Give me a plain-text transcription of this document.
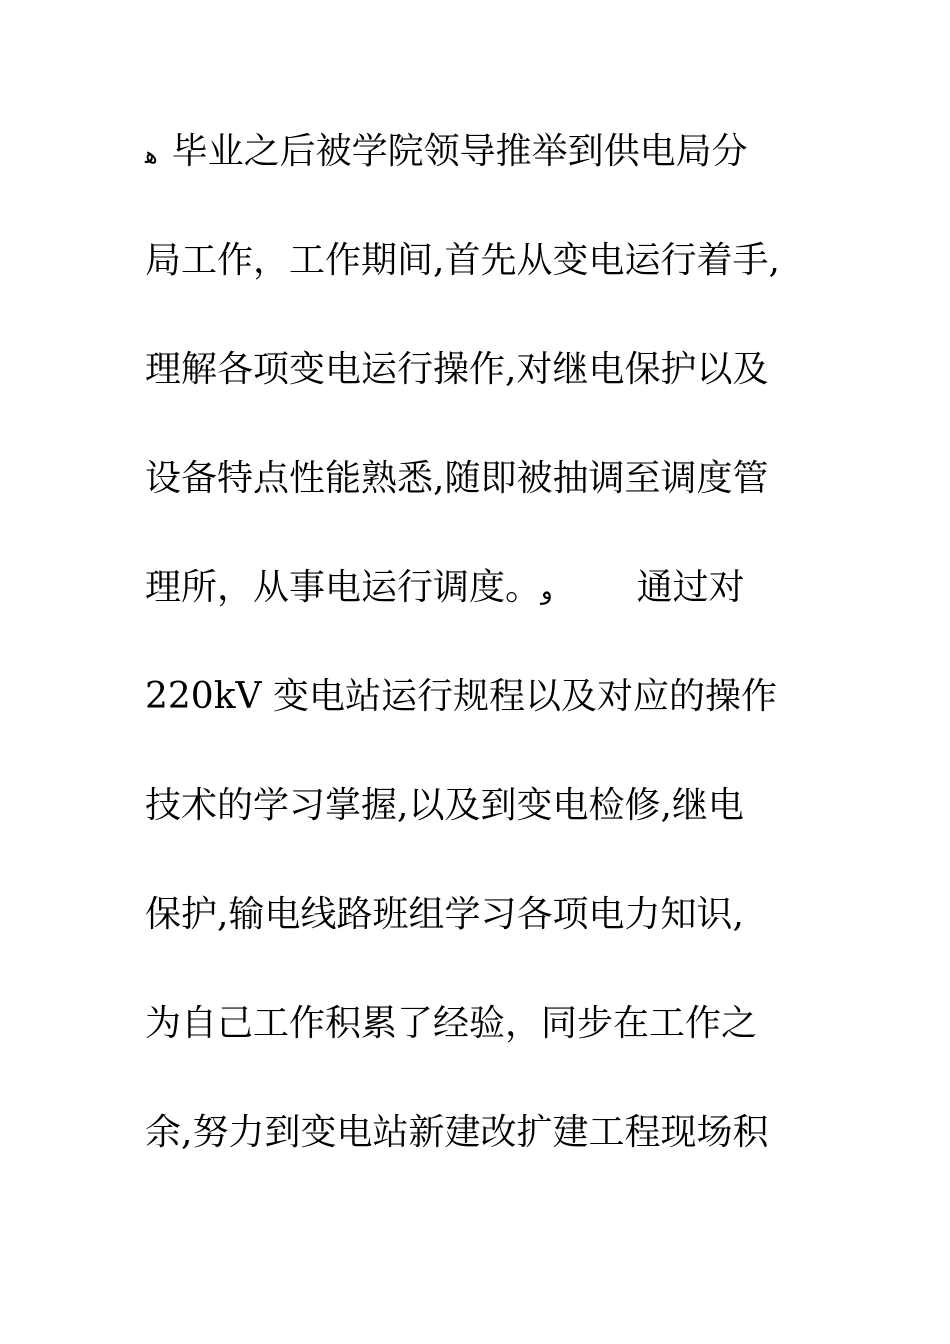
ﻫ 毕业之后被学院领导推举到供电局分
局工作，工作期间,首先从变电运行着手,
理解各项变电运行操作,对继电保护以及
设备特点性能熟悉,随即被抽调至调度管
理所，从事电运行调度。و 通过对
220kV 变电站运行规程以及对应的操作
技术的学习掌握,以及到变电检修,继电
保护,输电线路班组学习各项电力知识,
为自己工作积累了经验，同步在工作之
余,努力到变电站新建改扩建工程现场积
